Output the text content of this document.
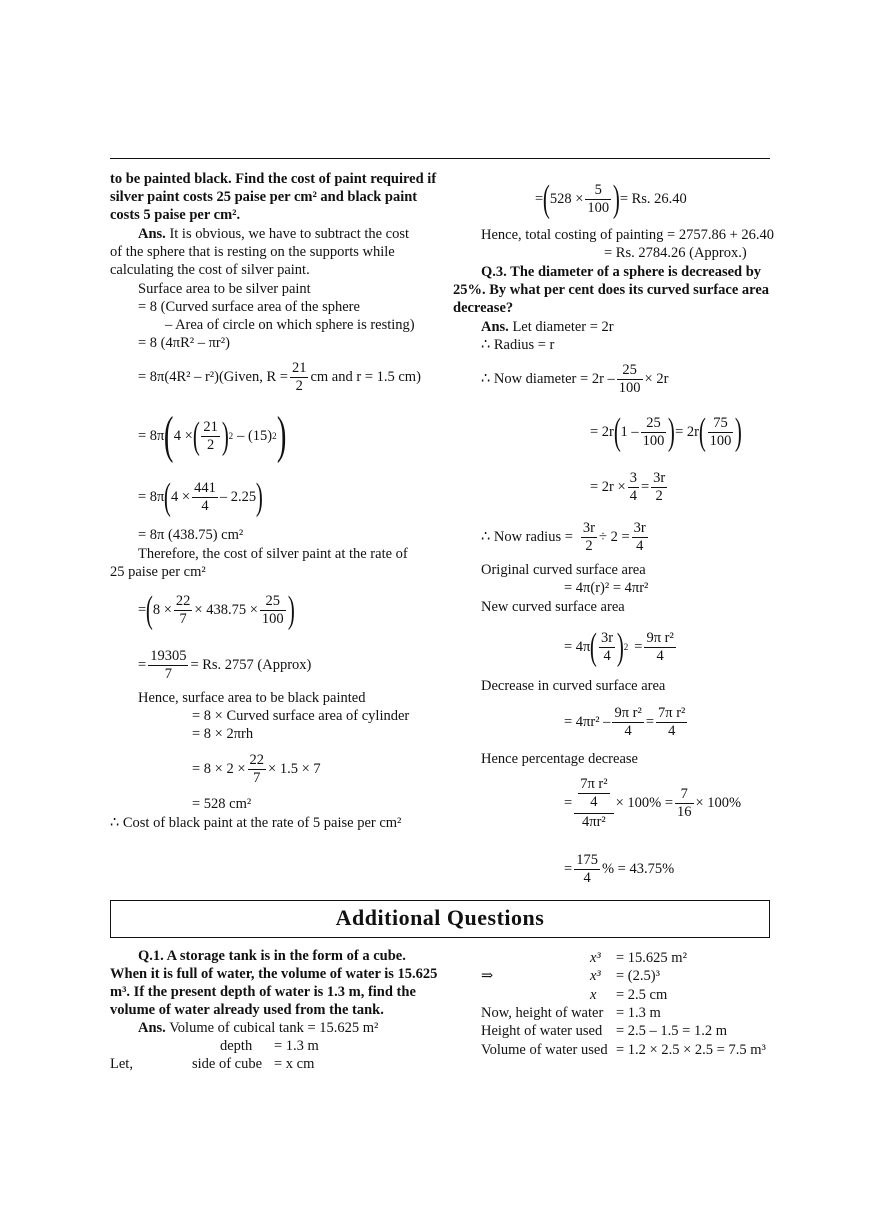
to be painted black. Find the cost of paint required if
silver paint costs 25 paise per cm² and black paint
costs 5 paise per cm².
Ans. It is obvious, we have to subtract the cost
of the sphere that is resting on the supports while
calculating the cost of silver paint.
Surface area to be silver paint
= 8 (Curved surface area of the sphere
– Area of circle on which sphere is resting)
= 8 (4πR² – πr²)
= 8π(4R² – r²)(Given, $R = \frac{21}{2}$ cm and r = 1.5 cm)
= 8π ( 4 × ( $\frac{21}{2}$ ) 2 – (15) 2 )
= 8π ( $4 \times \frac{441}{4} - 2.25$ )
= 8π (438.75) cm²
Therefore, the cost of silver paint at the rate of
25 paise per cm²
= ( $8 \times \frac{22}{7} \times 438.75 \times \frac{25}{100}$ )
= $\frac{19305}{7} = Rs$. 2757 (Approx)
Hence, surface area to be black painted
= 8 × Curved surface area of cylinder
= 8 × 2πrh
= $8 \times 2 \times \frac{22}{7} \times 1.5 \times 7$
= 528 cm²
∴ Cost of black paint at the rate of 5 paise per cm²
= ( $528 \times \frac{5}{100}$ ) = Rs. 26.40
Hence, total costing of painting = 2757.86 + 26.40
= Rs. 2784.26 (Approx.)
Q.3. The diameter of a sphere is decreased by
25%. By what per cent does its curved surface area
decrease?
Ans. Let diameter = 2r
∴ Radius = r
∴ Now diameter = $2r - \frac{25}{100} \times 2r$
= 2r ( $1 - \frac{25}{100}$ ) = 2r ( $\frac{75}{100}$ )
= $2r \times \frac{3}{4} = \frac{3r}{2}$
∴ Now radius = $\frac{3r}{2} \div 2 = \frac{3r}{4}$
Original curved surface area
= 4π(r)² = 4πr²
New curved surface area
= 4π ( $\frac{3r}{4}$ ) $2 = \frac{\text{9π r²}}{4}$
Decrease in curved surface area
= $4\pi r^2 - \frac{\text{9π r²}}{4} = \frac{\text{7π r²}}{4}$
Hence percentage decrease
= $\frac{\frac{\text{7π r²}}{4}}{\text{4πr²}} \times 100\% = \frac{7}{16} \times 100\%$
= $\frac{175}{4}$ % = 43.75%
Additional Questions
Q.1. A storage tank is in the form of a cube.
When it is full of water, the volume of water is 15.625
m³. If the present depth of water is 1.3 m, find the
volume of water already used from the tank.
Ans. Volume of cubical tank = 15.625 m²
depth = 1.3 m
Let,	side of cube = x cm
x³ = 15.625 m²
⇒	x³ = (2.5)³
x = 2.5 cm
Now, height of water = 1.3 m
Height of water used = 2.5 – 1.5 = 1.2 m
Volume of water used = 1.2 × 2.5 × 2.5 = 7.5 m³
